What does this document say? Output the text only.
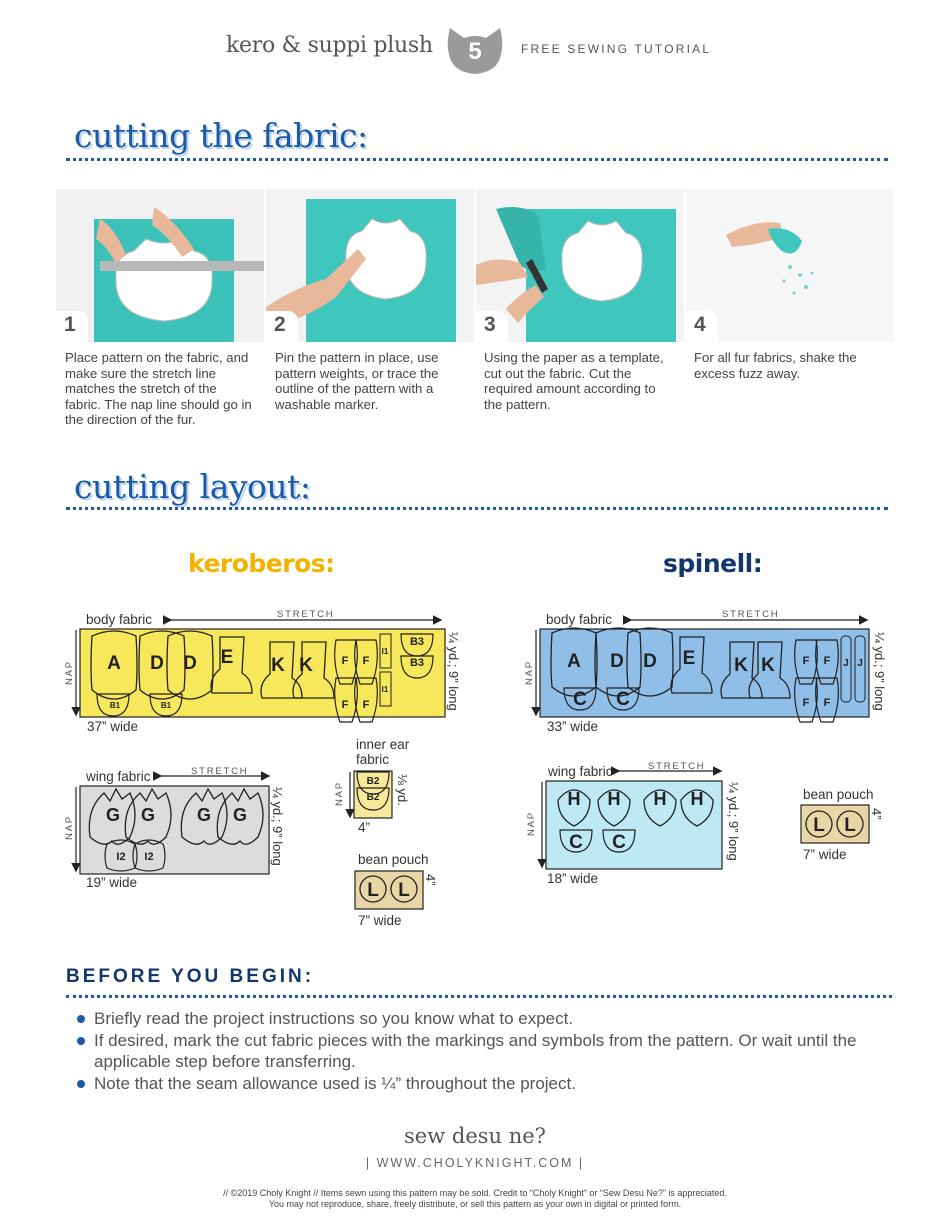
kero & suppi plush	5	FREE SEWING TUTORIAL
cutting the fabric:
1	2	3	4
Place pattern on the fabric, and make sure the stretch line matches the stretch of the fabric. The nap line should go in the direction of the fur.
Pin the pattern in place, use pattern weights, or trace the outline of the pattern with a washable marker.
Using the paper as a template, cut out the fabric. Cut the required amount according to the pattern.
For all fur fabrics, shake the excess fuzz away.
cutting layout:
keroberos:	spinell:
body fabric	STRETCH
NAP	¼ yd.; 9” long
37” wide
wing fabric	STRETCH
NAP	¼ yd.; 9” long
19” wide
inner ear
fabric
NAP	⅛ yd.
4”
bean pouch
4”
7” wide
body fabric	STRETCH
NAP	¼ yd.; 9” long
33” wide
wing fabric	STRETCH
NAP	¼ yd.; 9” long
18” wide
bean pouch
4”
7” wide
A D D E K K	F F
F F
I1
I1
B3
B3
B1	B1
G G G G
I2 I2
B2
B2
L L
A D D E K K	F F
F F
J J
C C
H H H H
C C
L L
BEFORE YOU BEGIN:
Briefly read the project instructions so you know what to expect.
If desired, mark the cut fabric pieces with the markings and symbols from the pattern. Or wait until the applicable step before transferring.
Note that the seam allowance used is ¼” throughout the project.
sew desu ne?
| WWW.CHOLYKNIGHT.COM |
// ©2019 Choly Knight // Items sewn using this pattern may be sold. Credit to “Choly Knight” or “Sew Desu Ne?” is appreciated.
You may not reproduce, share, freely distribute, or sell this pattern as your own in digital or printed form.
